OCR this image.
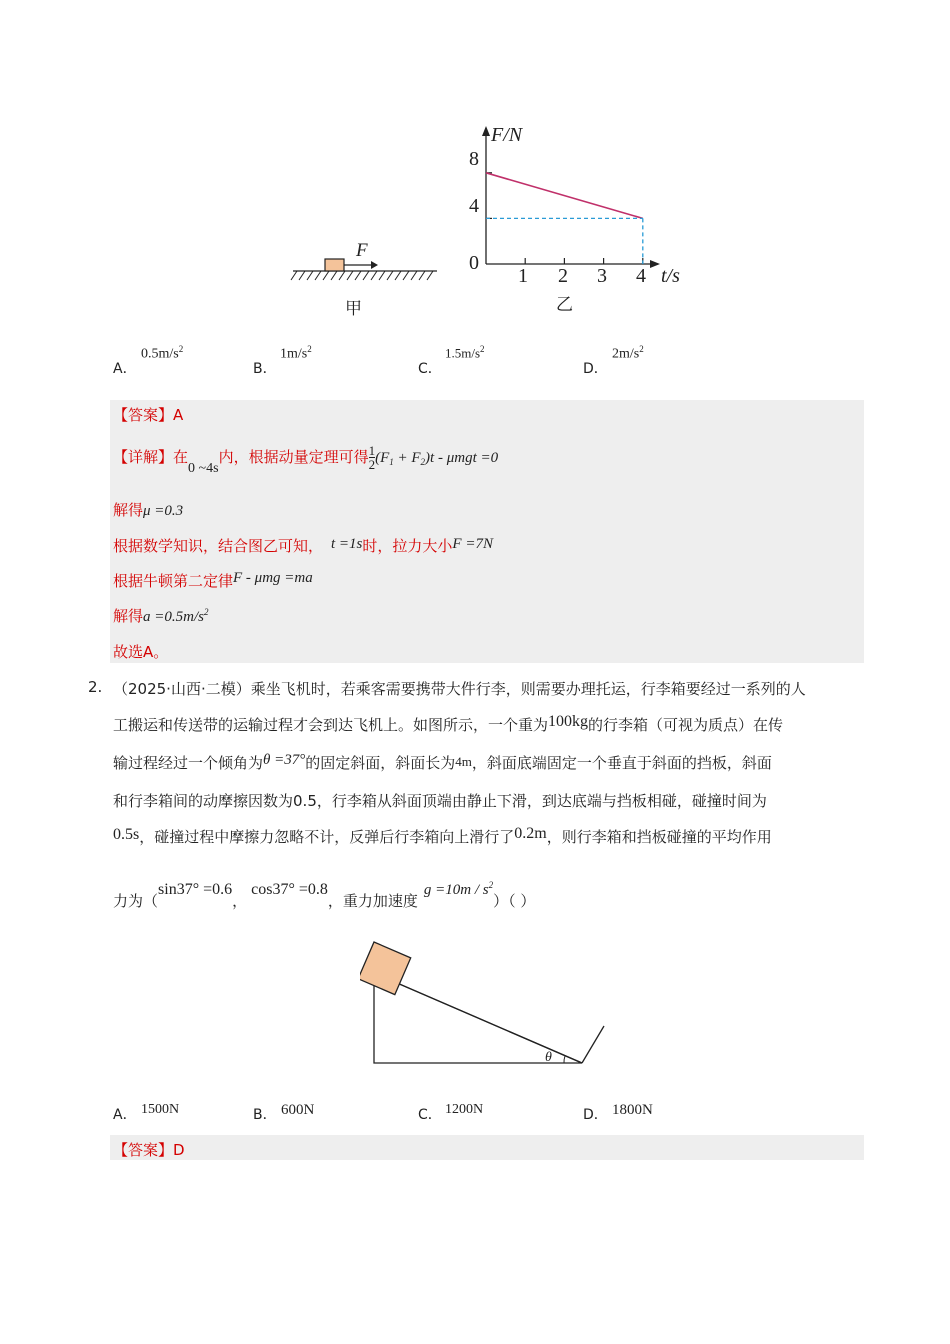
F
甲
F/N
t/s
8
4
0
1 2 3 4
乙
A．
$0.5m/s^2$
B．
$1m/s^2$
C．
$1.5m/s^2$
D．
$2m/s^2$
【答案】A
【详解】在0 ~4s内，根据动量定理可得 $\frac{1}{2} (F_1 + F_2)t - \mu mgt =0$
解得μ =0.3
根据数学知识，结合图乙可知， t =1s时，拉力大小F =7N
根据牛顿第二定律F - μmg =ma
解得$a =0.5m/s^2$
故选A。
2. （2025·山西·二模）乘坐飞机时，若乘客需要携带大件行李，则需要办理托运，行李箱要经过一系列的人
工搬运和传送带的运输过程才会到达飞机上。如图所示，一个重为100kg的行李箱（可视为质点）在传
输过程经过一个倾角为θ =37°的固定斜面，斜面长为4m，斜面底端固定一个垂直于斜面的挡板，斜面
和行李箱间的动摩擦因数为0.5，行李箱从斜面顶端由静止下滑，到达底端与挡板相碰，碰撞时间为
0.5s，碰撞过程中摩擦力忽略不计，反弹后行李箱向上滑行了0.2m，则行李箱和挡板碰撞的平均作用
力为（sin37° =0.6，cos37° =0.8，重力加速度$g =10m / s^2$）（ ）
θ
A． 1500N	B． 600N	C． 1200N	D． 1800N
【答案】D
